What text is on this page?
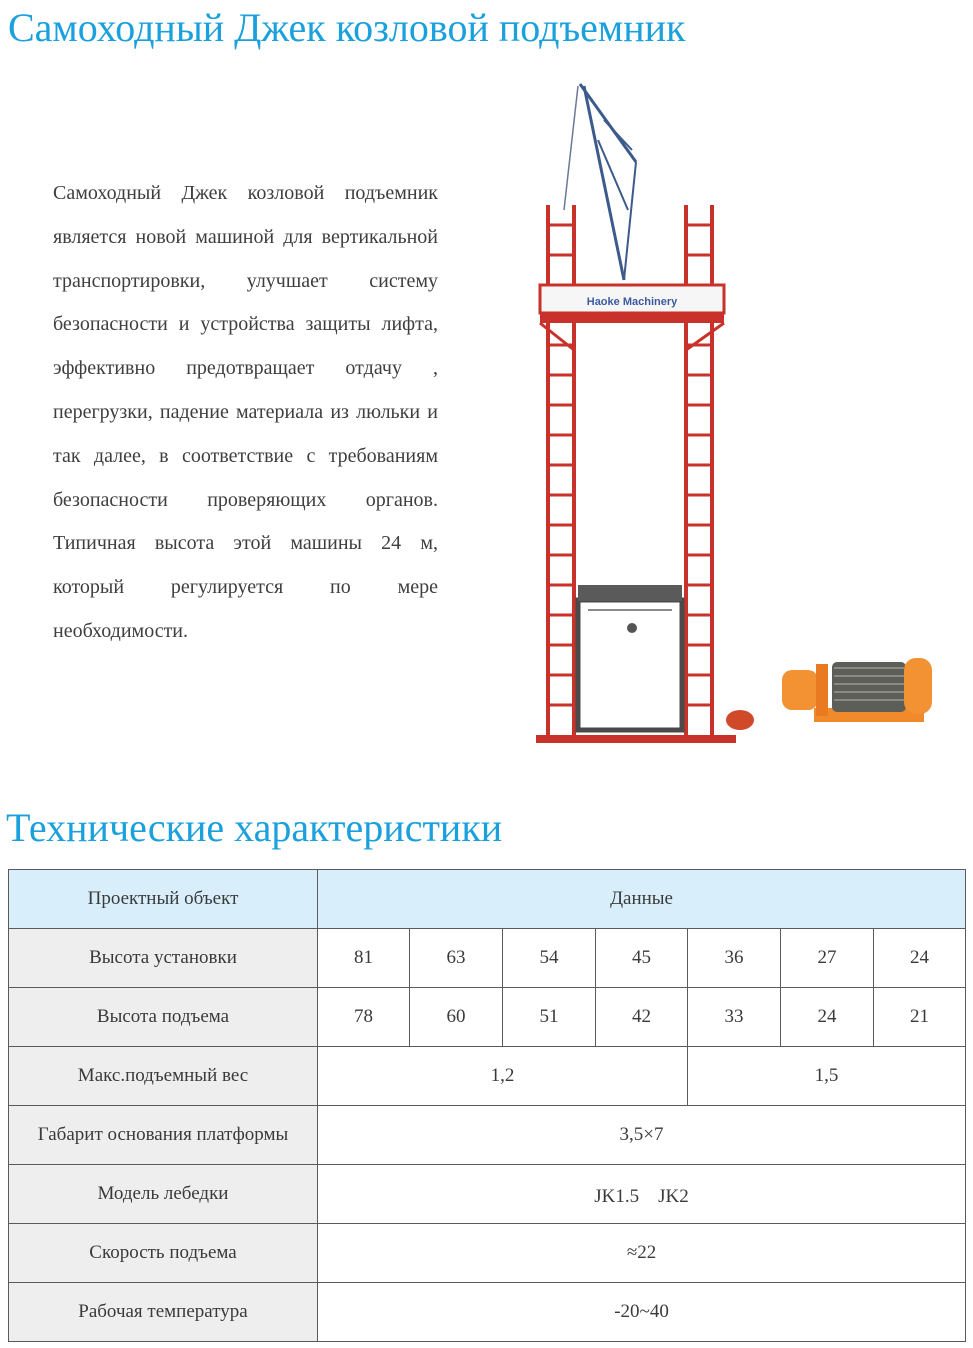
Самоходный Джек козловой подъемник

Самоходный Джек козловой подъемник является новой машиной для вертикальной транспортировки, улучшает систему безопасности и устройства защиты лифта, эффективно предотвращает отдачу , перегрузки, падение материала из люльки и так далее, в соответствие с требованиям безопасности проверяющих органов. Типичная высота этой машины 24 м, который регулируется по мере необходимости.

Haoke Machinery
Технические характеристики
Проектный объект	Данные						
Высота установки	81	63	54	45	36	27	24
Высота подъема	78	60	51	42	33	24	21
Макс.подъемный вес	1,2				1,5		
Габарит основания платформы	3,5×7						
Модель лебедки	JK1.5　JK2						
Скорость подъема	≈22						
Рабочая температура	-20~40						
